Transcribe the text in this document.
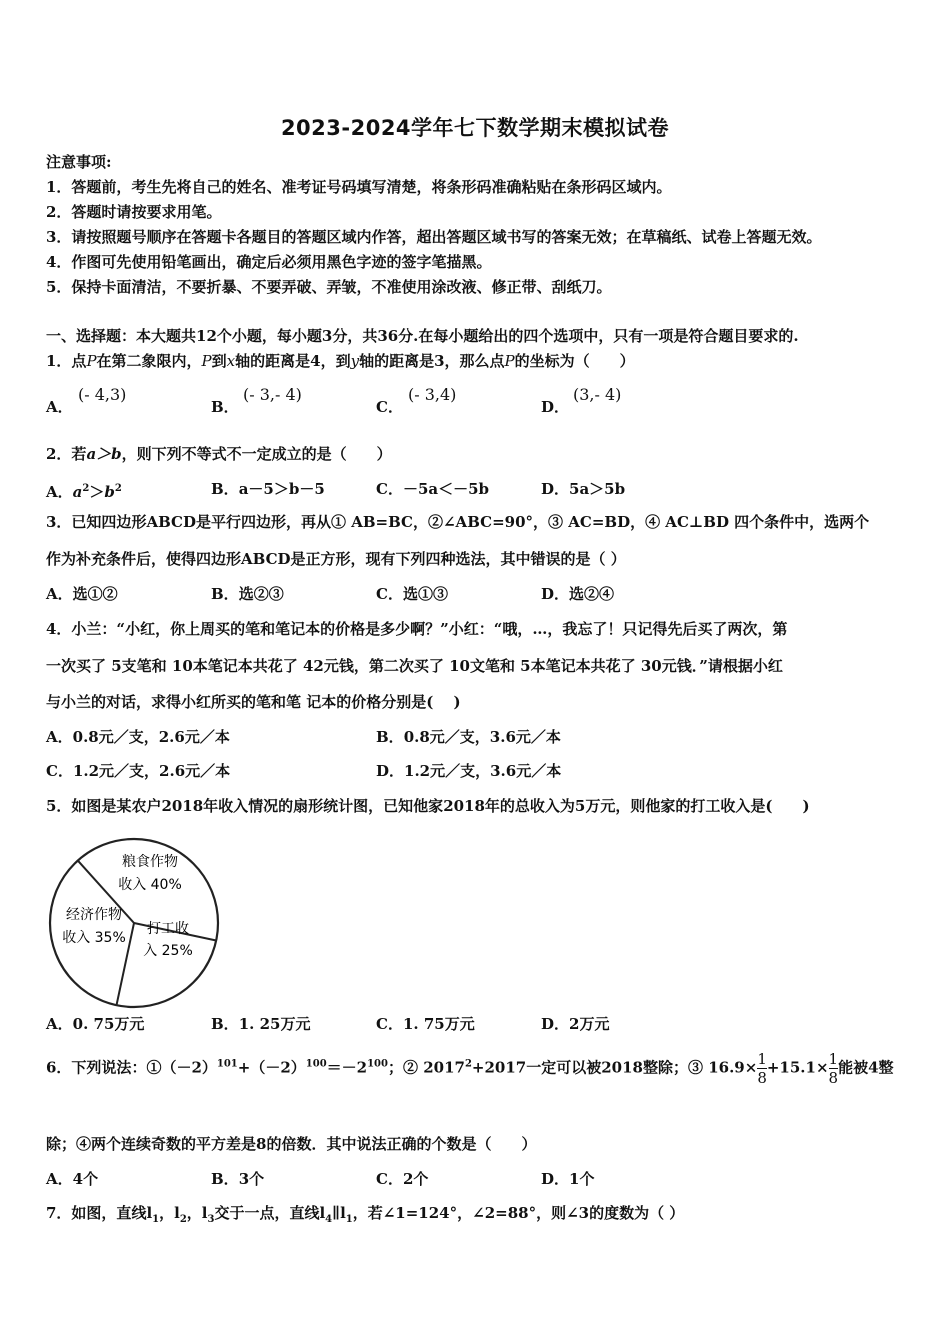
2023-2024学年七下数学期末模拟试卷
注意事项:
1．答题前，考生先将自己的姓名、准考证号码填写清楚，将条形码准确粘贴在条形码区域内。
2．答题时请按要求用笔。
3．请按照题号顺序在答题卡各题目的答题区域内作答，超出答题区域书写的答案无效；在草稿纸、试卷上答题无效。
4．作图可先使用铅笔画出，确定后必须用黑色字迹的签字笔描黑。
5．保持卡面清洁，不要折暴、不要弄破、弄皱，不准使用涂改液、修正带、刮纸刀。
一、选择题：本大题共12个小题，每小题3分，共36分.在每小题给出的四个选项中，只有一项是符合题目要求的.
1．点P在第二象限内，P到x轴的距离是4，到y轴的距离是3，那么点P的坐标为（　　）
A．
(- 4,3)
B．
(- 3,- 4)
C．
(- 3,4)
D．
(3,- 4)
2．若a＞b，则下列不等式不一定成立的是（　　）
A．$a^2>b^2$	B．a－5＞b－5	C．－5a＜－5b	D．5a＞5b
3．已知四边形ABCD是平行四边形，再从① AB=BC，②∠ABC=90°，③ AC=BD，④ AC⊥BD 四个条件中，选两个
作为补充条件后，使得四边形ABCD是正方形，现有下列四种选法，其中错误的是（ ）
A．选①②	B．选②③	C．选①③	D．选②④
4．小兰：“小红，你上周买的笔和笔记本的价格是多少啊？”小红：“哦，…，我忘了！只记得先后买了两次，第
一次买了 5支笔和 10本笔记本共花了 42元钱，第二次买了 10文笔和 5本笔记本共花了 30元钱．”请根据小红
与小兰的对话，求得小红所买的笔和笔 记本的价格分别是(　 )
A．0.8元／支，2.6元／本	B．0.8元／支，3.6元／本
C．1.2元／支，2.6元／本	D．1.2元／支，3.6元／本
5．如图是某农户2018年收入情况的扇形统计图，已知他家2018年的总收入为5万元，则他家的打工收入是(　　)
粮食作物
收入 40%
打工收
入 25%
经济作物
收入 35%
A．0. 75万元	B．1. 25万元	C．1. 75万元	D．2万元
6．下列说法：$①(-2)^{101}+(-2)^{100}=-2^{100}$；② $2017^2+2017$一定可以被2018整除；③ $16.9\times \frac{1}{8} +15.1\times \frac{1}{8}$ 能被4整
除；④两个连续奇数的平方差是8的倍数．其中说法正确的个数是（　　）
A．4个	B．3个	C．2个	D．1个
7．如图，直线$l_1$，$l_2$，$l_3$交于一点，直线$l_4\parallel l_1$，若∠1=124°，∠2=88°，则∠3的度数为（ ）
